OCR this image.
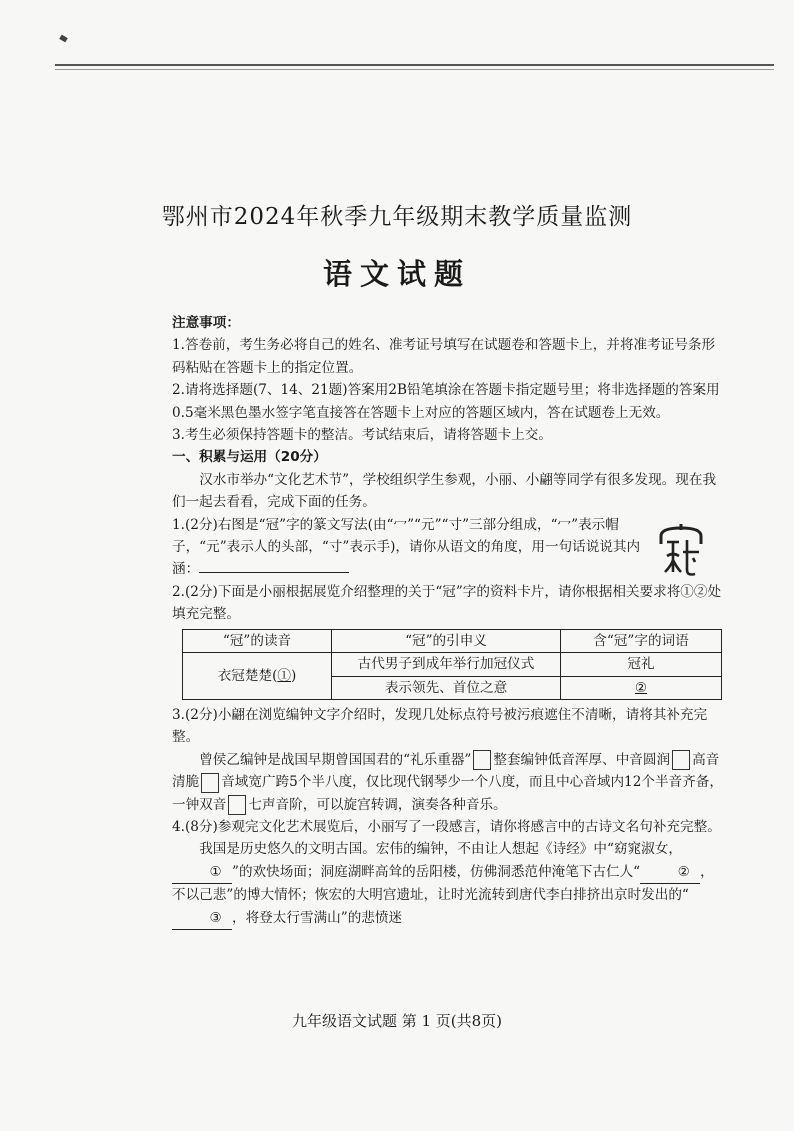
鄂州市2024年秋季九年级期末教学质量监测
语文试题

注意事项：

1.答卷前，考生务必将自己的姓名、准考证号填写在试题卷和答题卡上，并将准考证号条形码粘贴在答题卡上的指定位置。

2.请将选择题(7、14、21题)答案用2B铅笔填涂在答题卡指定题号里；将非选择题的答案用0.5毫米黑色墨水签字笔直接答在答题卡上对应的答题区域内，答在试题卷上无效。

3.考生必须保持答题卡的整洁。考试结束后，请将答题卡上交。

一、积累与运用（20分）

汉水市举办“文化艺术节”，学校组织学生参观，小丽、小翩等同学有很多发现。现在我们一起去看看，完成下面的任务。

1.(2分)右图是“冠”字的篆文写法(由“冖”“元”“寸”三部分组成，“冖”表示帽子，“元”表示人的头部，“寸”表示手)，请你从语文的角度，用一句话说说其内涵：

2.(2分)下面是小丽根据展览介绍整理的关于“冠”字的资料卡片，请你根据相关要求将①②处填充完整。

“冠”的读音	“冠”的引申义	含“冠”字的词语
衣冠楚楚(①)	古代男子到成年举行加冠仪式	冠礼
	表示领先、首位之意	②

3.(2分)小翩在浏览编钟文字介绍时，发现几处标点符号被污痕遮住不清晰，请将其补充完整。

曾侯乙编钟是战国早期曾国国君的“礼乐重器” 整套编钟低音浑厚、中音圆润 高音清脆 音域宽广跨5个半八度，仅比现代钢琴少一个八度，而且中心音域内12个半音齐备，一钟双音 七声音阶，可以旋宫转调，演奏各种音乐。

4.(8分)参观完文化艺术展览后，小丽写了一段感言，请你将感言中的古诗文名句补充完整。

我国是历史悠久的文明古国。宏伟的编钟，不由让人想起《诗经》中“窈窕淑女，① ”的欢快场面；洞庭湖畔高耸的岳阳楼，仿佛洞悉范仲淹笔下古仁人“	② ，不以己悲”的博大情怀；恢宏的大明宫遗址，让时光流转到唐代李白排挤出京时发出的“③ ，将登太行雪满山”的悲愤迷

九年级语文试题 第 1 页(共8页)
